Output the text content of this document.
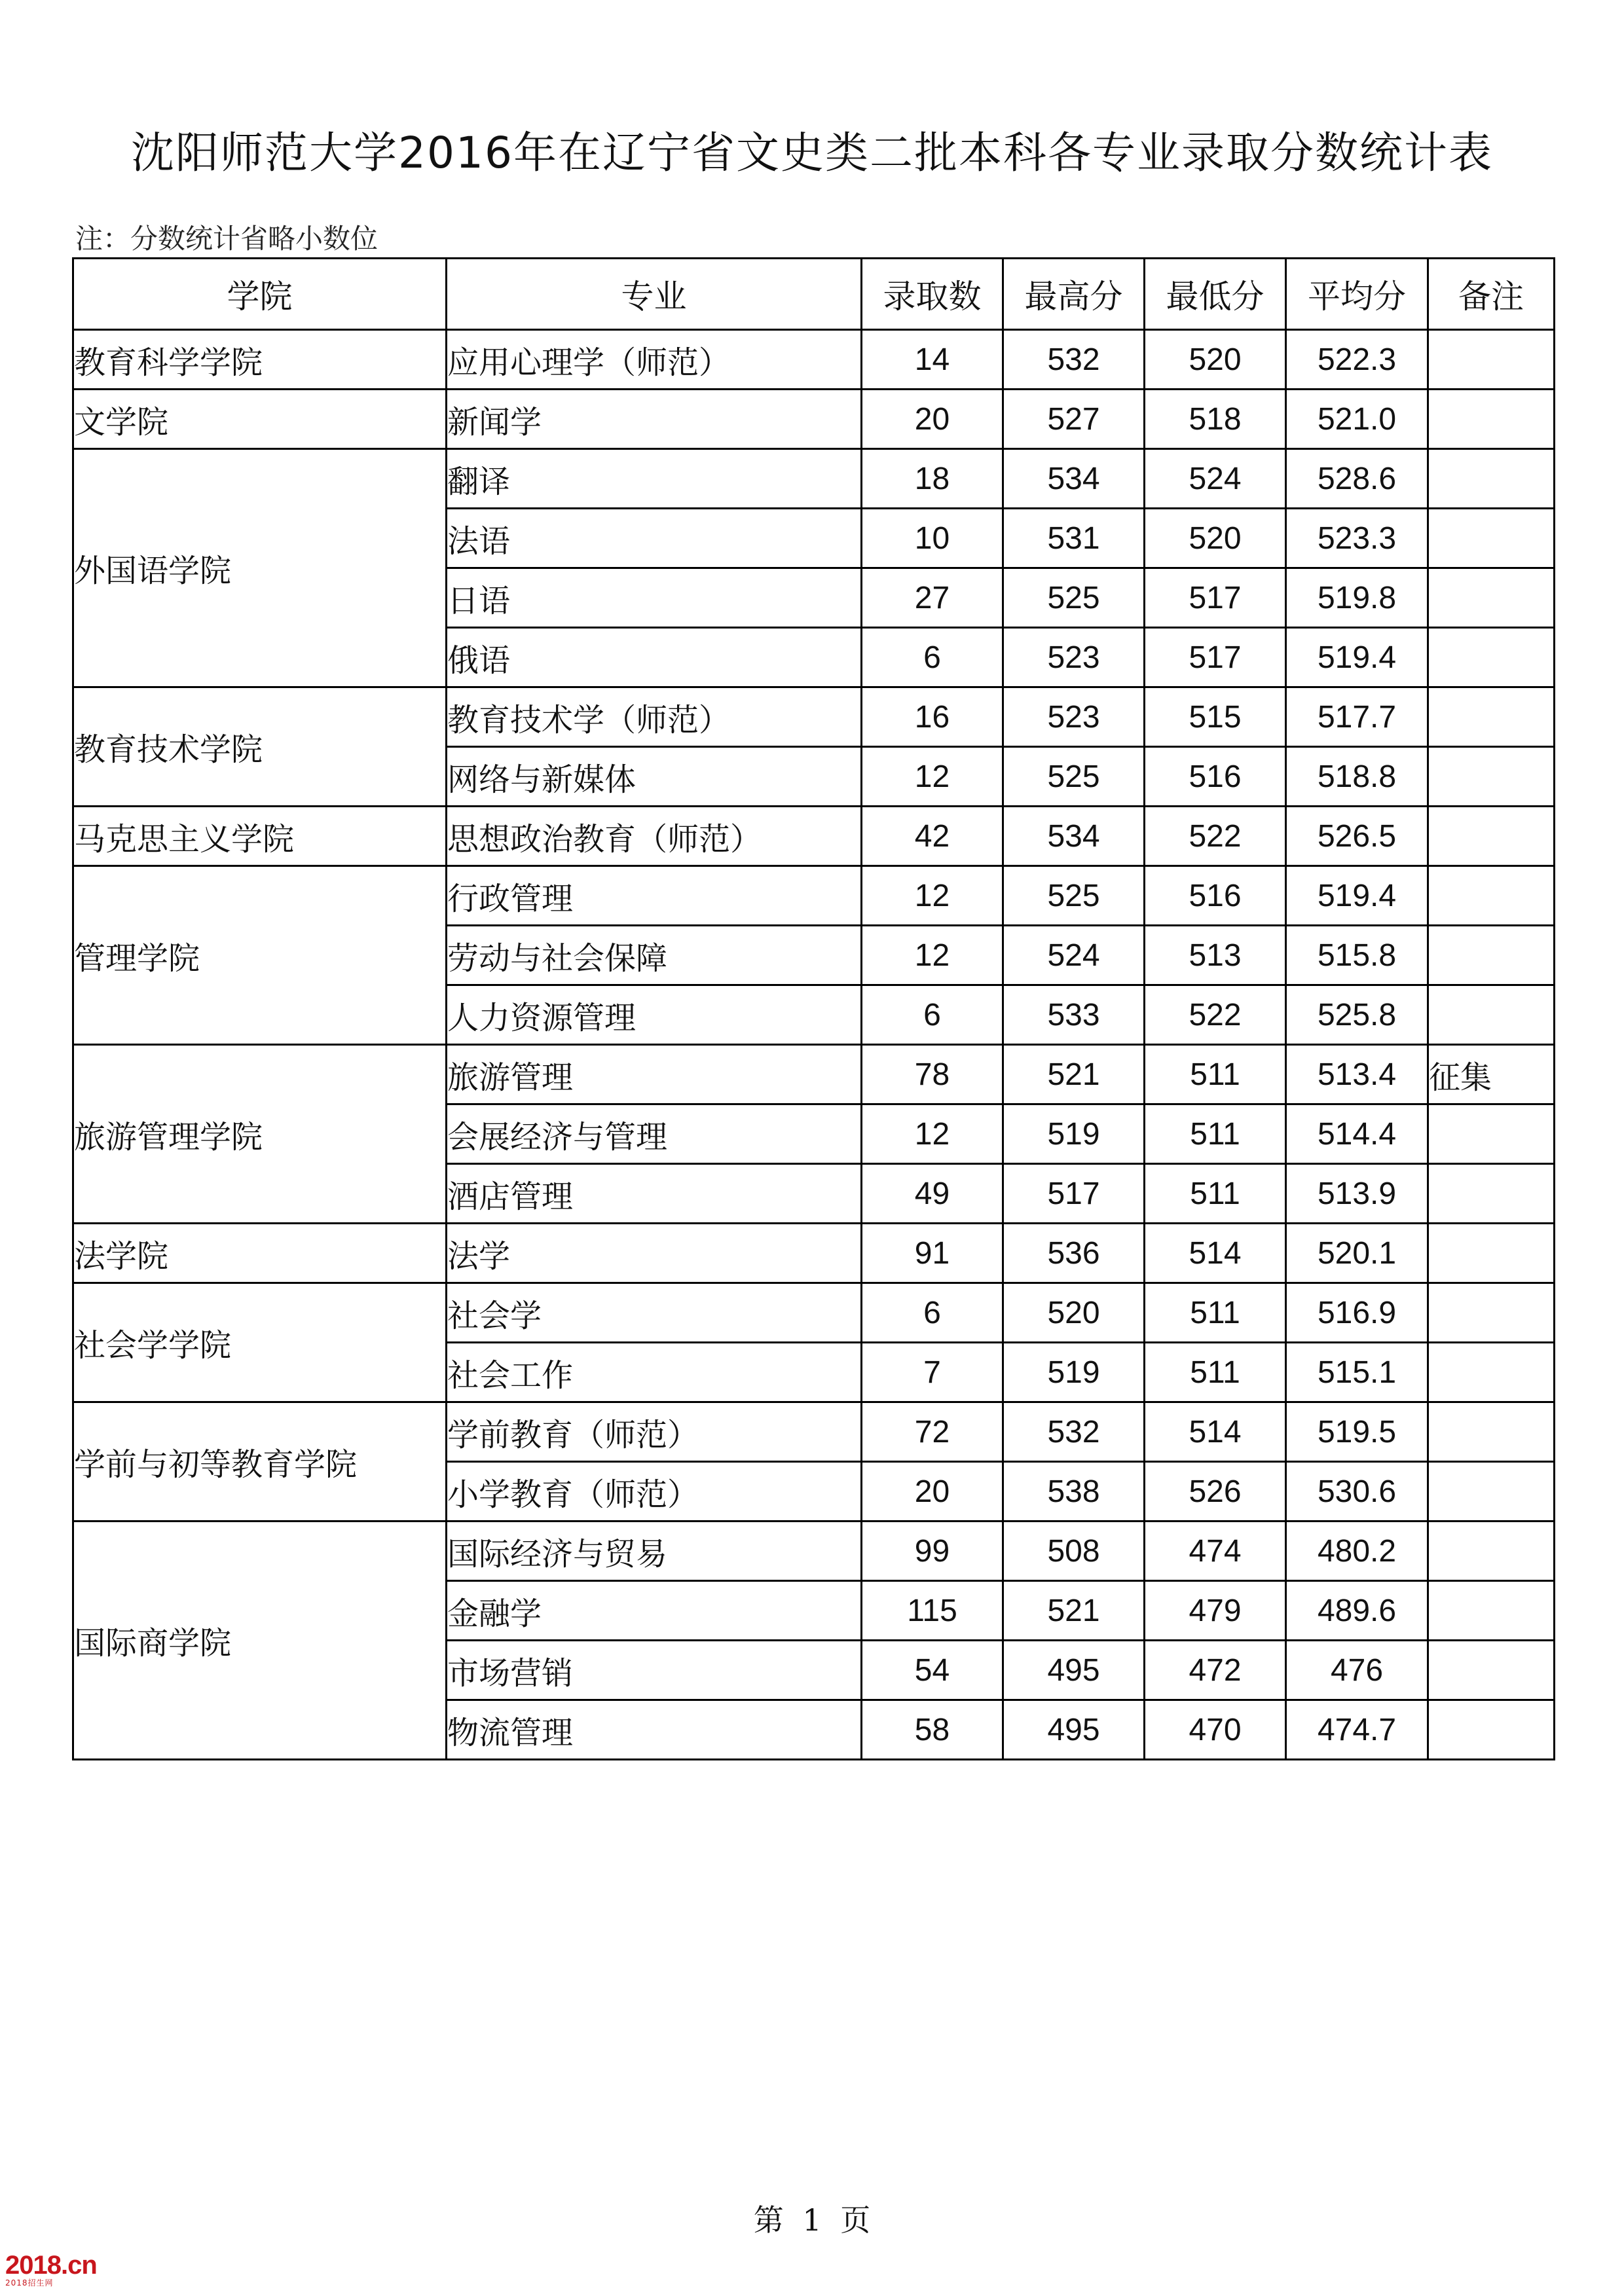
沈阳师范大学2016年在辽宁省文史类二批本科各专业录取分数统计表
注：分数统计省略小数位
学院	专业	录取数	最高分	最低分	平均分	备注
教育科学学院	应用心理学（师范）	14	532	520	522.3	
文学院	新闻学	20	527	518	521.0	
外国语学院	翻译	18	534	524	528.6	
	法语	10	531	520	523.3	
	日语	27	525	517	519.8	
	俄语	6	523	517	519.4	
教育技术学院	教育技术学（师范）	16	523	515	517.7	
	网络与新媒体	12	525	516	518.8	
马克思主义学院	思想政治教育（师范）	42	534	522	526.5	
管理学院	行政管理	12	525	516	519.4	
	劳动与社会保障	12	524	513	515.8	
	人力资源管理	6	533	522	525.8	
旅游管理学院	旅游管理	78	521	511	513.4	征集
	会展经济与管理	12	519	511	514.4	
	酒店管理	49	517	511	513.9	
法学院	法学	91	536	514	520.1	
社会学学院	社会学	6	520	511	516.9	
	社会工作	7	519	511	515.1	
学前与初等教育学院	学前教育（师范）	72	532	514	519.5	
	小学教育（师范）	20	538	526	530.6	
国际商学院	国际经济与贸易	99	508	474	480.2	
	金融学	115	521	479	489.6	
	市场营销	54	495	472	476	
	物流管理	58	495	470	474.7	
第 1 页
2018.cn
2018招生网
